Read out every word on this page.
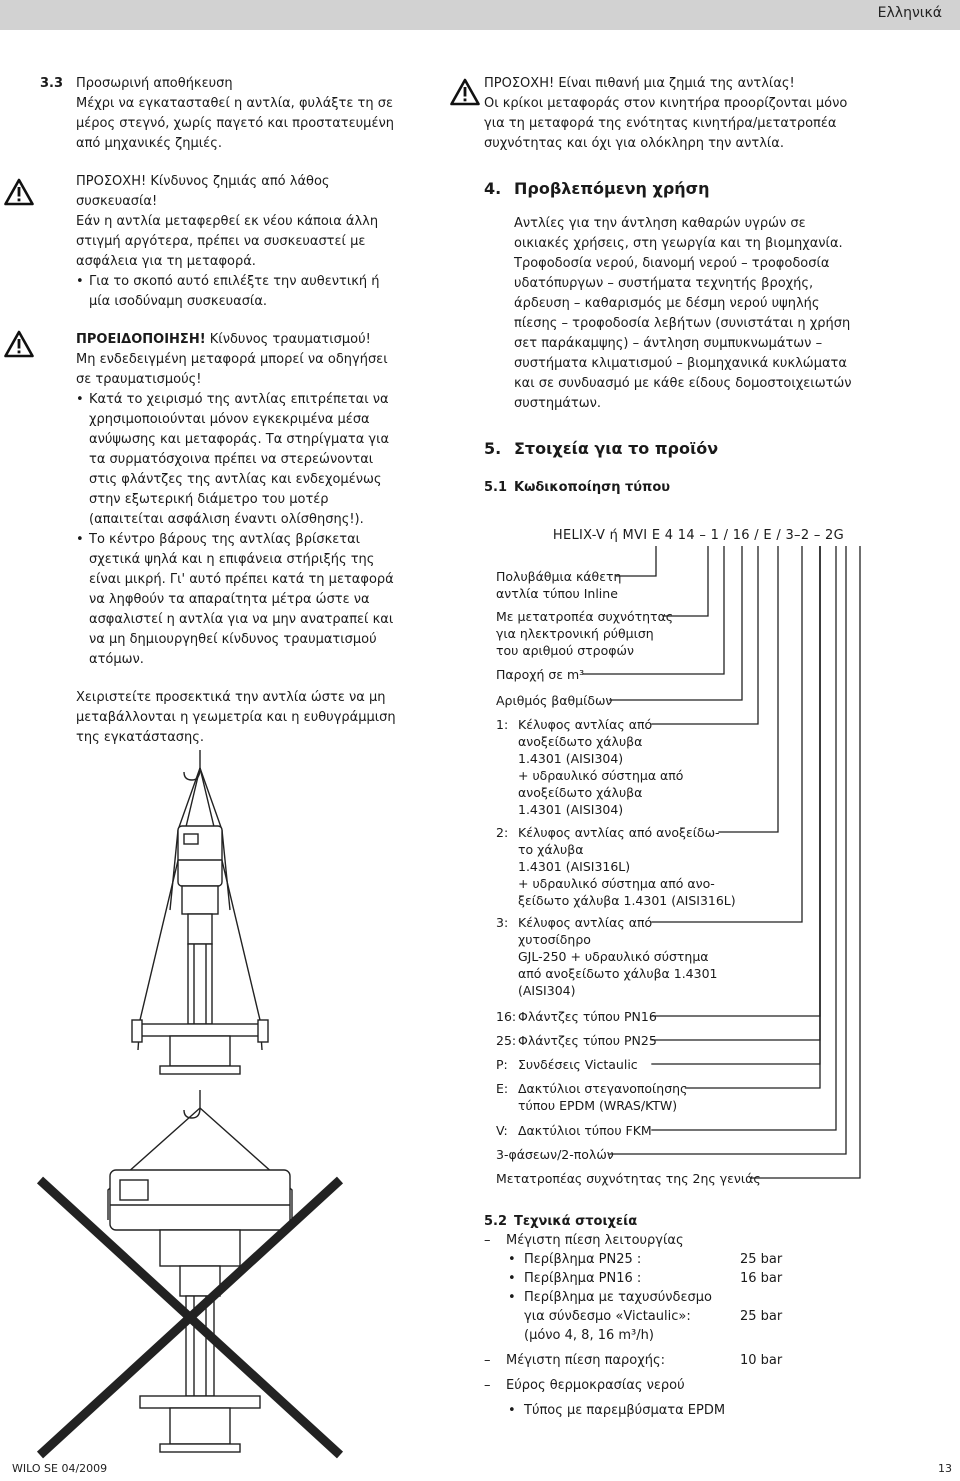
Ελληνικά
3.3 Προσωρινή αποθήκευση

Μέχρι να εγκατασταθεί η αντλία, φυλάξτε τη σε μέρος στεγνό, χωρίς παγετό και προστατευμένη από μηχανικές ζημιές.

ΠΡΟΣΟΧΗ! Κίνδυνος ζημιάς από λάθος συσκευασία!

Εάν η αντλία μεταφερθεί εκ νέου κάποια άλλη στιγμή αργότερα, πρέπει να συσκευαστεί με ασφάλεια για τη μεταφορά.

• Για το σκοπό αυτό επιλέξτε την αυθεντική ή μία ισοδύναμη συσκευασία.

ΠΡΟΕΙΔΟΠΟΙΗΣΗ! Κίνδυνος τραυματισμού!

Μη ενδεδειγμένη μεταφορά μπορεί να οδηγήσει σε τραυματισμούς!

• Κατά το χειρισμό της αντλίας επιτρέπεται να χρησιμοποιούνται μόνον εγκεκριμένα μέσα ανύψωσης και μεταφοράς. Τα στηρίγματα για τα συρματόσχοινα πρέπει να στερεώνονται στις φλάντζες της αντλίας και ενδεχομένως στην εξωτερική διάμετρο του μοτέρ (απαιτείται ασφάλιση έναντι ολίσθησης!).
• Το κέντρο βάρους της αντλίας βρίσκεται σχετικά ψηλά και η επιφάνεια στήριξής της είναι μικρή. Γι' αυτό πρέπει κατά τη μεταφορά να ληφθούν τα απαραίτητα μέτρα ώστε να ασφαλιστεί η αντλία για να μην ανατραπεί και να μη δημιουργηθεί κίνδυνος τραυματισμού ατόμων.

Χειριστείτε προσεκτικά την αντλία ώστε να μη μεταβάλλονται η γεωμετρία και η ευθυγράμμιση της εγκατάστασης.

ΠΡΟΣΟΧΗ! Είναι πιθανή μια ζημιά της αντλίας!

Οι κρίκοι μεταφοράς στον κινητήρα προορίζονται μόνο για τη μεταφορά της ενότητας κινητήρα/μετατροπέα συχνότητας και όχι για ολόκληρη την αντλία.

4. Προβλεπόμενη χρήση

Αντλίες για την άντληση καθαρών υγρών σε οικιακές χρήσεις, στη γεωργία και τη βιομηχανία.

Τροφοδοσία νερού, διανομή νερού – τροφοδοσία υδατόπυργων – συστήματα τεχνητής βροχής, άρδευση – καθαρισμός με δέσμη νερού υψηλής πίεσης – τροφοδοσία λεβήτων (συνιστάται η χρήση σετ παράκαμψης) – άντληση συμπυκνωμάτων – συστήματα κλιματισμού – βιομηχανικά κυκλώματα και σε συνδυασμό με κάθε είδους δομοστοιχειωτών συστημάτων.

5. Στοιχεία για το προϊόν

5.1 Κωδικοποίηση τύπου

HELIX-V ή MVI E 4 14 – 1 / 16 / E / 3–2 – 2G
Πολυβάθμια κάθετη
αντλία τύπου Inline
Με μετατροπέα συχνότητας
για ηλεκτρονική ρύθμιση
του αριθμού στροφών
Παροχή σε m³
Αριθμός βαθμίδων
1: Κέλυφος αντλίας από
ανοξείδωτο χάλυβα
1.4301 (AISI304)
+ υδραυλικό σύστημα από
ανοξείδωτο χάλυβα
1.4301 (AISI304)
2: Κέλυφος αντλίας από ανοξείδω-
το χάλυβα
1.4301 (AISI316L)
+ υδραυλικό σύστημα από ανο-
ξείδωτο χάλυβα 1.4301 (AISI316L)
3: Κέλυφος αντλίας από
χυτοσίδηρο
GJL-250 + υδραυλικό σύστημα
από ανοξείδωτο χάλυβα 1.4301
(AISI304)
16: Φλάντζες τύπου PN16
25: Φλάντζες τύπου PN25
P: Συνδέσεις Victaulic
E: Δακτύλιοι στεγανοποίησης
τύπου EPDM (WRAS/KTW)
V: Δακτύλιοι τύπου FKM
3-φάσεων/2-πολών
Μετατροπέας συχνότητας της 2ης γενιάς
5.2 Τεχνικά στοιχεία

– Μέγιστη πίεση λειτουργίας
• Περίβλημα PN25 :	25 bar
• Περίβλημα PN16 :	16 bar
• Περίβλημα με ταχυσύνδεσμο
για σύνδεσμο «Victaulic»:	25 bar
(μόνο 4, 8, 16 m³/h)
– Μέγιστη πίεση παροχής:	10 bar
– Εύρος θερμοκρασίας νερού
• Τύπος με παρεμβύσματα EPDM
WILO SE 04/2009	13
